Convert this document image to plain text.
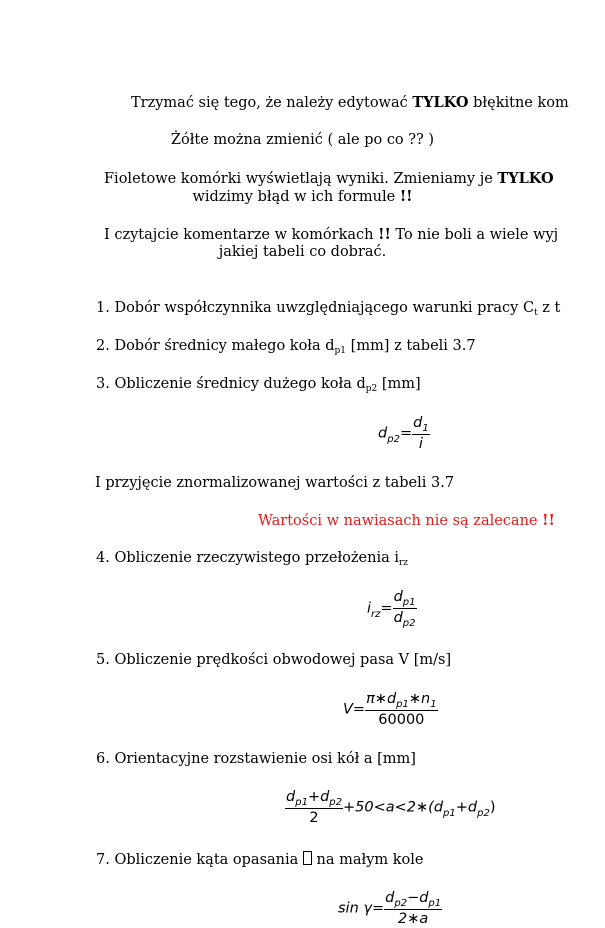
Trzymać się tego, że należy edytować TYLKO błękitne kom
Żółte można zmienić ( ale po co ?? )
Fioletowe komórki wyświetlają wyniki. Zmieniamy je TYLKO
widzimy błąd w ich formule !!
I czytajcie komentarze w komórkach !! To nie boli a wiele wyj
jakiej tabeli co dobrać.
1. Dobór współczynnika uwzględniającego warunki pracy $C_t$ z t
2. Dobór średnicy małego koła $d_{p1}$ [mm] z tabeli 3.7
3. Obliczenie średnicy dużego koła $d_{p2}$ [mm]
$d_{p2}= \frac{d_1}{i}$
I przyjęcie znormalizowanej wartości z tabeli 3.7
Wartości w nawiasach nie są zalecane !!
4. Obliczenie rzeczywistego przełożenia $i_{rz}$
$i_{rz}= \frac{d_{p1}}{d_{p2}}$
5. Obliczenie prędkości obwodowej pasa V [m/s]
$V= \frac{\pi∗d_{p1}∗n_1}{60000}$
6. Orientacyjne rozstawienie osi kół a [mm]
$\frac{d_{p1}+d_{p2}}{2}$ $+50<a<2∗(d_{p1}+d_{p2})$
7. Obliczenie kąta opasania  na małym kole
$\sin \gamma= \frac{d_{p2}-d_{p1}}{2∗a}$
